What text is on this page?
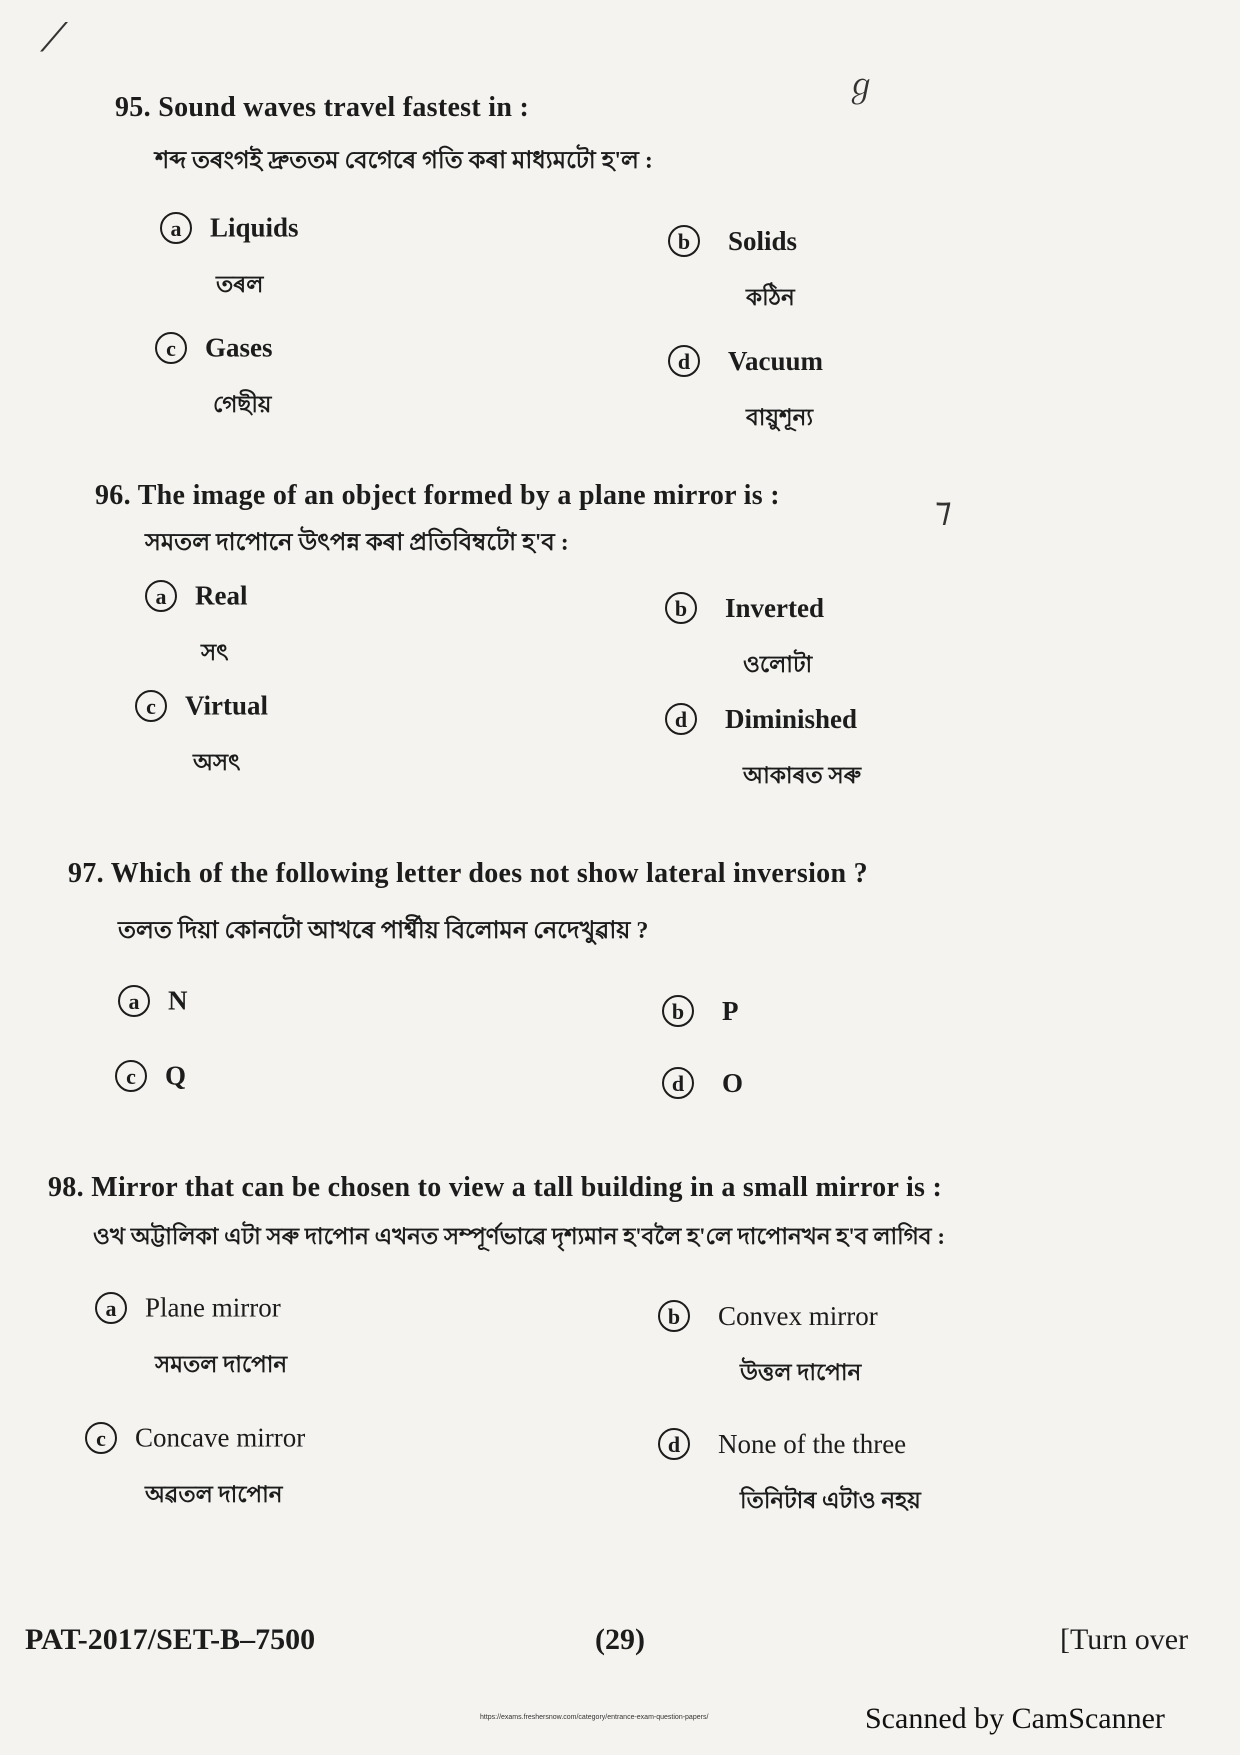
⟋
ℊ
⁊
95. Sound waves travel fastest in :
শব্দ তৰংগই দ্ৰুততম বেগেৰে গতি কৰা মাধ্যমটো হ'ল :
a Liquids
তৰল
b Solids
কঠিন
c Gases
গেছীয়
d Vacuum
বায়ুশূন্য
96. The image of an object formed by a plane mirror is :
সমতল দাপোনে উৎপন্ন কৰা প্ৰতিবিম্বটো হ'ব :
a Real
সৎ
b Inverted
ওলোটা
c Virtual
অসৎ
d Diminished
আকাৰত সৰু
97. Which of the following letter does not show lateral inversion ?
তলত দিয়া কোনটো আখৰে পাৰ্শ্বীয় বিলোমন নেদেখুৱায় ?
a N	b P
c Q	d O
98. Mirror that can be chosen to view a tall building in a small mirror is :
ওখ অট্টালিকা এটা সৰু দাপোন এখনত সম্পূৰ্ণভাৱে দৃশ্যমান হ'বলৈ হ'লে দাপোনখন হ'ব লাগিব :
a Plane mirror
সমতল দাপোন
b Convex mirror
উত্তল দাপোন
c Concave mirror
অৱতল দাপোন
d None of the three
তিনিটাৰ এটাও নহয়
PAT-2017/SET-B–7500	(29)	[Turn over
https://exams.freshersnow.com/category/entrance-exam-question-papers/	Scanned by CamScanner
